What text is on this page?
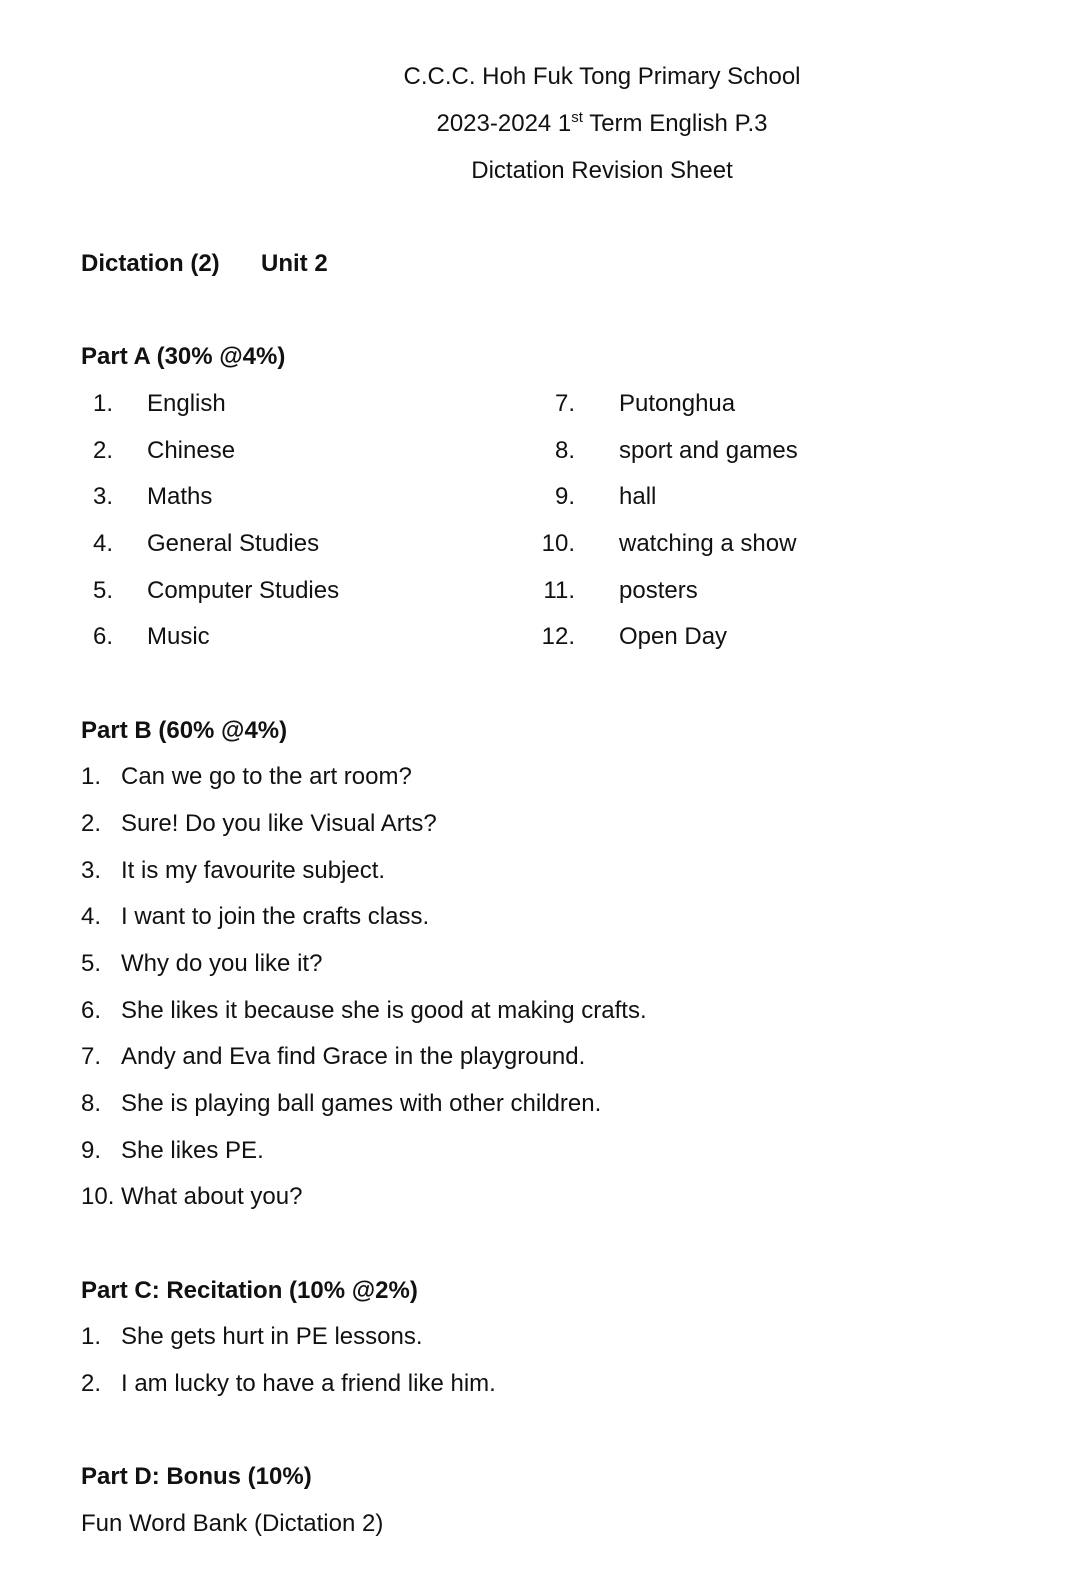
C.C.C. Hoh Fuk Tong Primary School
2023-2024 1st Term English P.3
Dictation Revision Sheet
Dictation (2) Unit 2
Part A (30% @4%)
1. English
2. Chinese
3. Maths
4. General Studies
5. Computer Studies
6. Music
7. Putonghua
8. sport and games
9. hall
10. watching a show
11. posters
12. Open Day
Part B (60% @4%)
1. Can we go to the art room?
2. Sure! Do you like Visual Arts?
3. It is my favourite subject.
4. I want to join the crafts class.
5. Why do you like it?
6. She likes it because she is good at making crafts.
7. Andy and Eva find Grace in the playground.
8. She is playing ball games with other children.
9. She likes PE.
10. What about you?
Part C: Recitation (10% @2%)
1. She gets hurt in PE lessons.
2. I am lucky to have a friend like him.
Part D: Bonus (10%)
Fun Word Bank (Dictation 2)
